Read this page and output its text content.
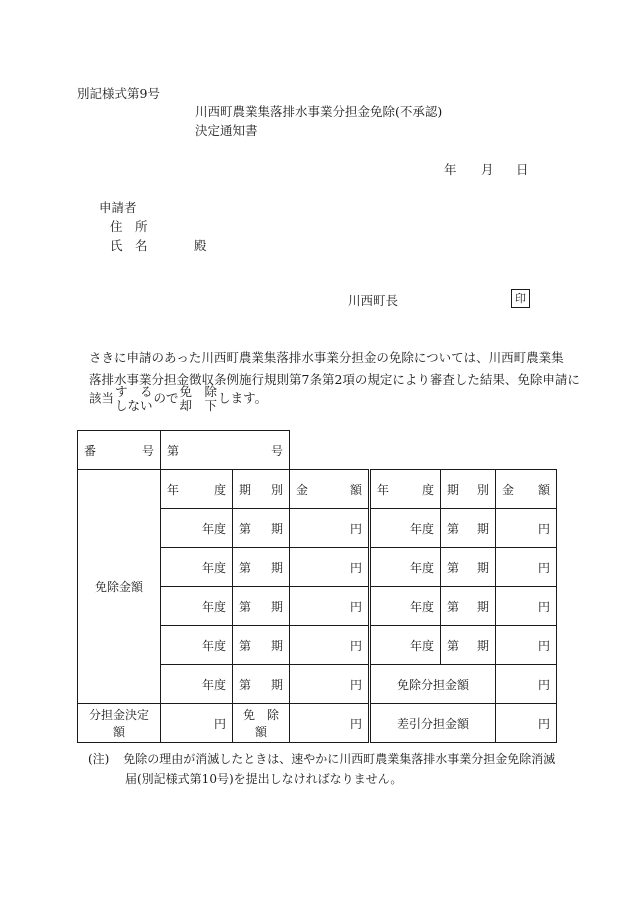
別記様式第9号
川西町農業集落排水事業分担金免除(不承認)
決定通知書
年 月 日
申請者
住　所
氏　名	殿
川西町長	印
さきに申請のあった川西町農業集落排水事業分担金の免除については、川西町農業集
落排水事業分担金徴収条例施行規則第7条第2項の規定により審査した結果、免除申請に
該当 す　る
しない ので 免　除
却　下 します。
番 号	第 号					

免除金額	年 度	期 別	金 額	年 度	期 別	金 額

	年度	第 期	円	年度	第 期	円
	年度	第 期	円	年度	第 期	円
	年度	第 期	円	年度	第 期	円
	年度	第 期	円	年度	第 期	円
	年度	第 期	円	免除分担金額		円
分担金決定額	円	免　除　額	円	差引分担金額		円
(注) 免除の理由が消滅したときは、速やかに川西町農業集落排水事業分担金免除消滅
届(別記様式第10号)を提出しなければなりません。
